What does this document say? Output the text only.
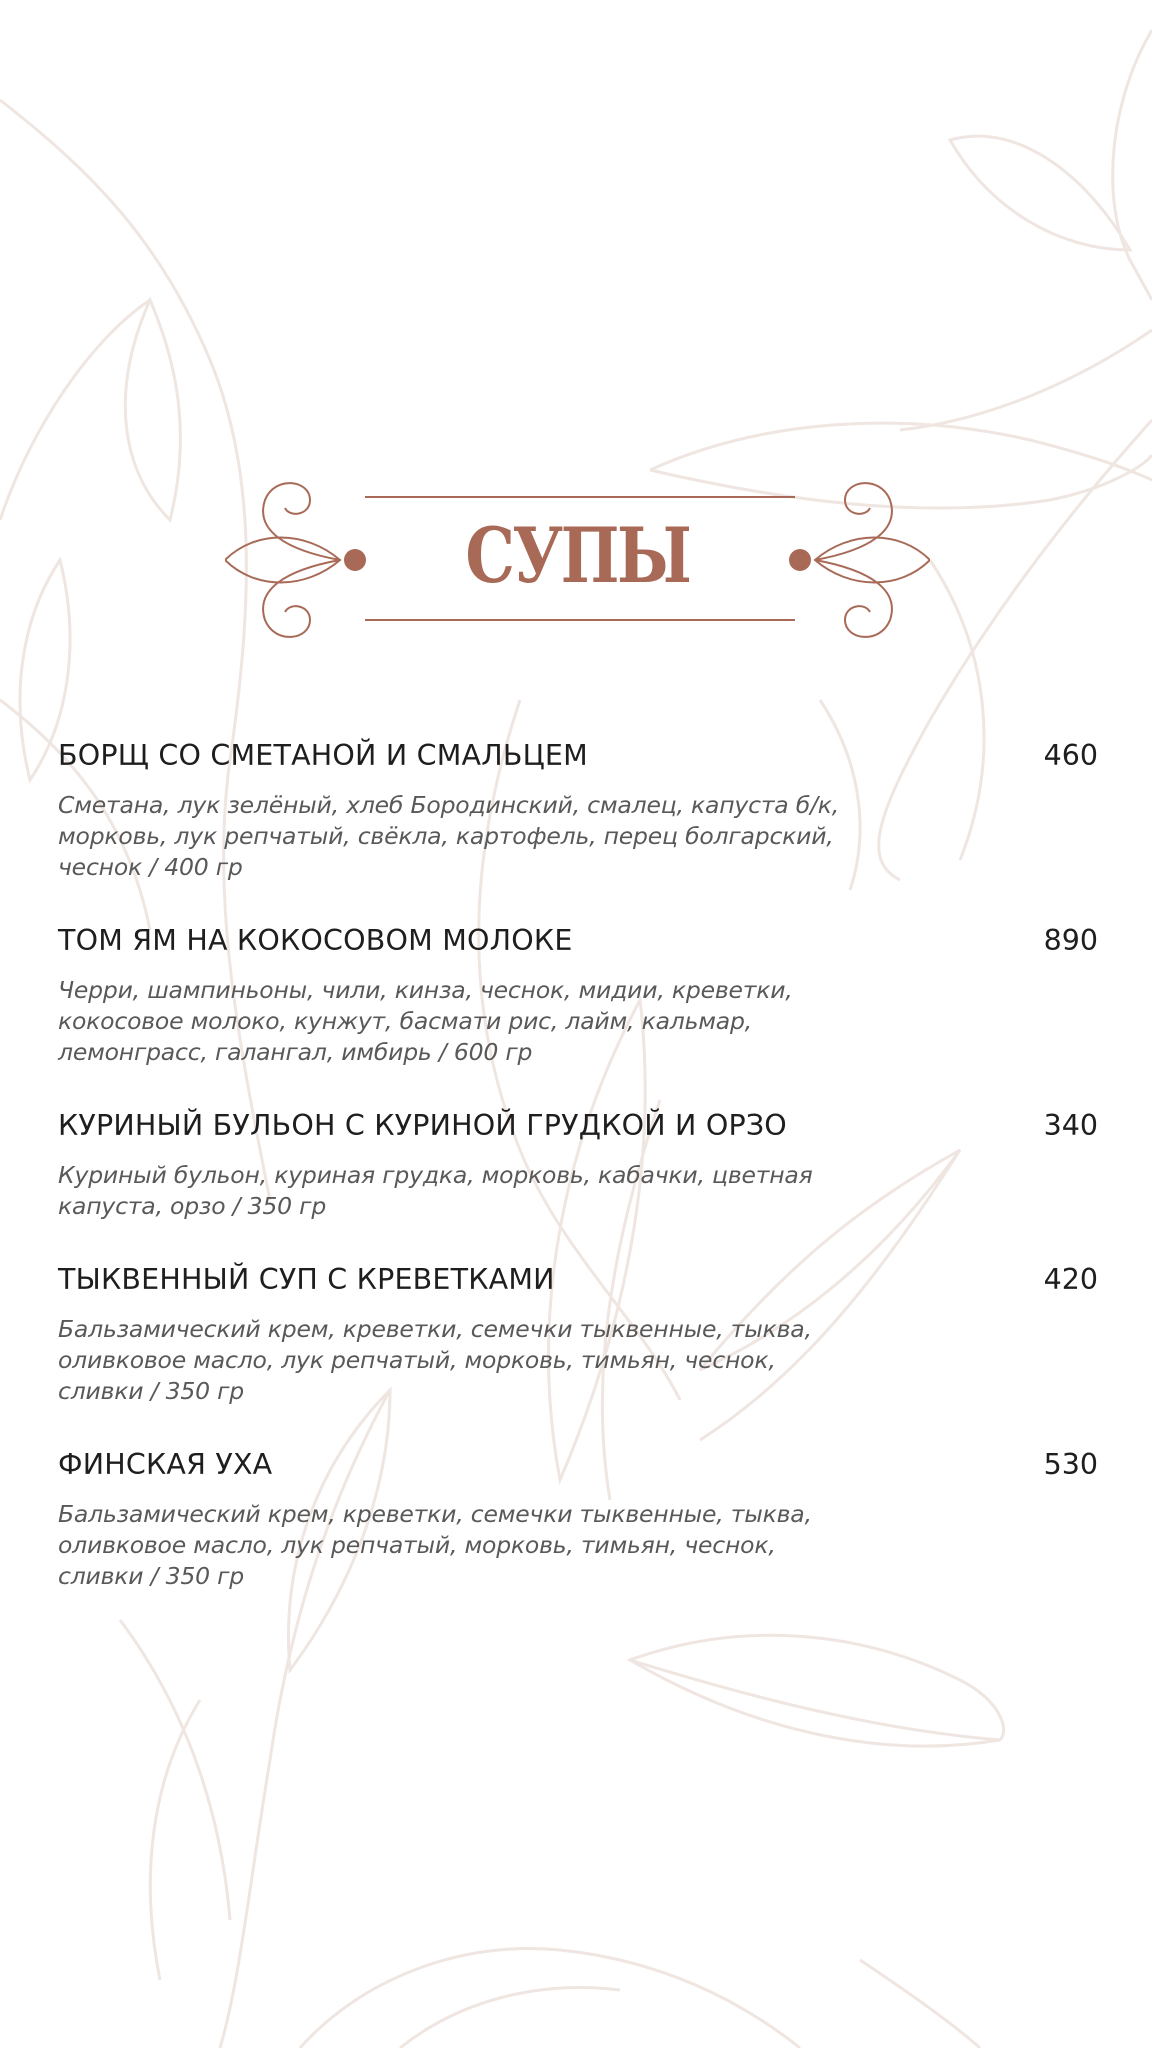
СУПЫ
БОРЩ СО СМЕТАНОЙ И СМАЛЬЦЕМ	460
Сметана, лук зелёный, хлеб Бородинский, смалец, капуста б/к, морковь, лук репчатый, свёкла, картофель, перец болгарский, чеснок / 400 гр
ТОМ ЯМ НА КОКОСОВОМ МОЛОКЕ	890
Черри, шампиньоны, чили, кинза, чеснок, мидии, креветки, кокосовое молоко, кунжут, басмати рис, лайм, кальмар, лемонграсс, галангал, имбирь / 600 гр
КУРИНЫЙ БУЛЬОН С КУРИНОЙ ГРУДКОЙ И ОРЗО	340
Куриный бульон, куриная грудка, морковь, кабачки, цветная капуста, орзо / 350 гр
ТЫКВЕННЫЙ СУП С КРЕВЕТКАМИ	420
Бальзамический крем, креветки, семечки тыквенные, тыква, оливковое масло, лук репчатый, морковь, тимьян, чеснок, сливки / 350 гр
ФИНСКАЯ УХА	530
Бальзамический крем, креветки, семечки тыквенные, тыква, оливковое масло, лук репчатый, морковь, тимьян, чеснок, сливки / 350 гр
